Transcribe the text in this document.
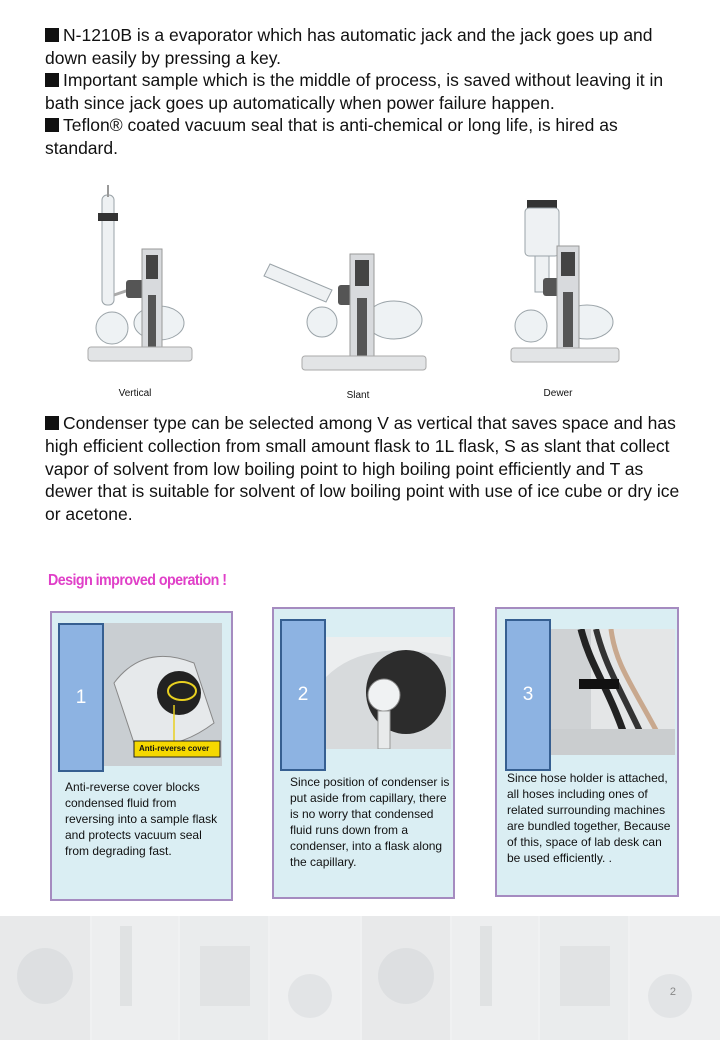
N-1210B is a evaporator which has automatic jack and the jack goes up and down easily by pressing a key.

Important sample which is the middle of process, is saved without leaving it in bath since jack goes up automatically when power failure happen.

Teflon® coated vacuum seal that is anti-chemical or long life, is hired as standard.

Vertical	Slant	Dewer
Condenser type can be selected among V as vertical that saves space and has high efficient collection from small amount flask to 1L flask, S as slant that collect vapor of solvent from low boiling point to high boiling point efficiently and T as dewer that is suitable for solvent of low boiling point with use of ice cube or dry ice or acetone.
Design improved operation !
Anti-reverse cover
1
Anti-reverse cover blocks condensed fluid from reversing into a sample flask and protects vacuum seal from degrading fast.
2
Since position of condenser is put aside from capillary, there is no worry that condensed fluid runs down from a condenser, into a flask along the capillary.
3
Since hose holder is attached, all hoses including ones of related surrounding machines are bundled together, Because of this, space of lab desk can be used efficiently. .
2
